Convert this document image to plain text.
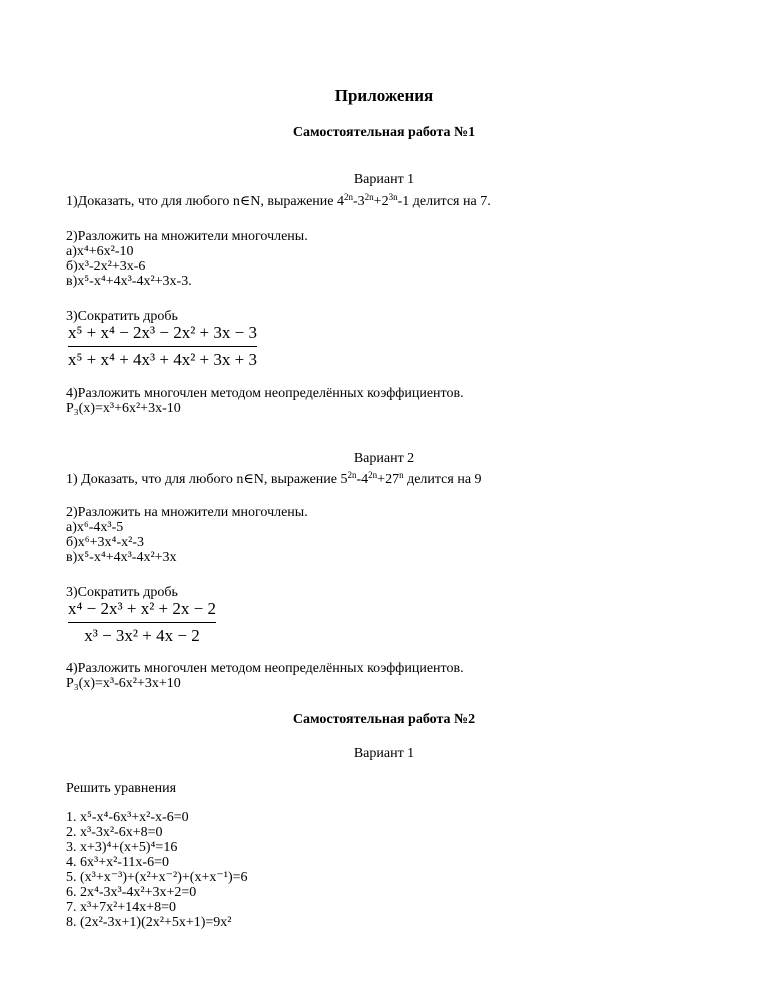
Приложения
Самостоятельная работа №1
Вариант 1
1)Доказать, что для любого n∈N, выражение $4^{2n}-3^{2n}+2^{3n}-1$ делится на 7.
2)Разложить на множители многочлены.
а)x⁴+6x²-10
б)x³-2x²+3x-6
в)x⁵-x⁴+4x³-4x²+3x-3.
3)Сократить дробь
$\frac{\text{x⁵ + x⁴ − 2x³ − 2x² + 3x − 3}}{\text{x⁵ + x⁴ + 4x³ + 4x² + 3x + 3}}$
4)Разложить многочлен методом неопределённых коэффициентов.
P₃(x)=x³+6x²+3x-10
Вариант 2
1) Доказать, что для любого n∈N, выражение $5^{2n}-4^{2n}+27^n$ делится на 9
2)Разложить на множители многочлены.
а)x⁶-4x³-5
б)x⁶+3x⁴-x²-3
в)x⁵-x⁴+4x³-4x²+3x
3)Сократить дробь
$\frac{\text{x⁴ − 2x³ + x² + 2x − 2}}{\text{x³ − 3x² + 4x − 2}}$
4)Разложить многочлен методом неопределённых коэффициентов.
P₃(x)=x³-6x²+3x+10
Самостоятельная работа №2
Вариант 1
Решить уравнения
1. x⁵-x⁴-6x³+x²-x-6=0
2. x³-3x²-6x+8=0
3. x+3)⁴+(x+5)⁴=16
4. 6x³+x²-11x-6=0
5. (x³+x⁻³)+(x²+x⁻²)+(x+x⁻¹)=6
6. 2x⁴-3x³-4x²+3x+2=0
7. x³+7x²+14x+8=0
8. (2x²-3x+1)(2x²+5x+1)=9x²
